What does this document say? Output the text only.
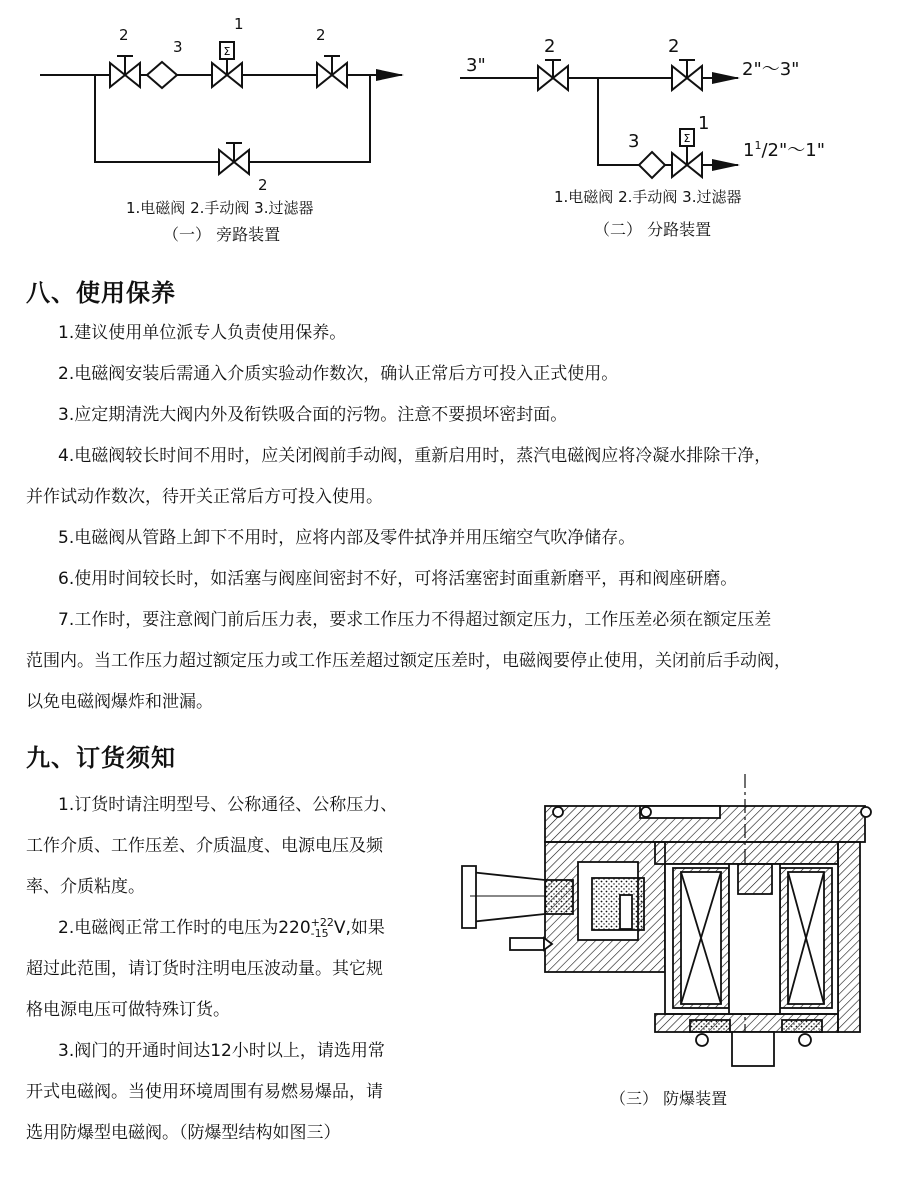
Σ
Σ
2
3
1
2
2
1.电磁阀 2.手动阀 3.过滤器
（一） 旁路装置
3"
2	2
3
1
2"～3"
$1^1/2"\sim 1$"
1.电磁阀 2.手动阀 3.过滤器
（二） 分路装置
八、使用保养

1.建议使用单位派专人负责使用保养。

2.电磁阀安装后需通入介质实验动作数次，确认正常后方可投入正式使用。

3.应定期清洗大阀内外及衔铁吸合面的污物。注意不要损坏密封面。

4.电磁阀较长时间不用时，应关闭阀前手动阀，重新启用时，蒸汽电磁阀应将冷凝水排除干净，

并作试动作数次，待开关正常后方可投入使用。

5.电磁阀从管路上卸下不用时，应将内部及零件拭净并用压缩空气吹净储存。

6.使用时间较长时，如活塞与阀座间密封不好，可将活塞密封面重新磨平，再和阀座研磨。

7.工作时，要注意阀门前后压力表，要求工作压力不得超过额定压力，工作压差必须在额定压差

范围内。当工作压力超过额定压力或工作压差超过额定压差时，电磁阀要停止使用，关闭前后手动阀，

以免电磁阀爆炸和泄漏。

九、订货须知

1.订货时请注明型号、公称通径、公称压力、

工作介质、工作压差、介质温度、电源电压及频

率、介质粘度。

2.电磁阀正常工作时的电压为220 +22
-15 V,如果

超过此范围，请订货时注明电压波动量。其它规

格电源电压可做特殊订货。

3.阀门的开通时间达12小时以上，请选用常

开式电磁阀。当使用环境周围有易燃易爆品，请

选用防爆型电磁阀。（防爆型结构如图三）

（三） 防爆装置
